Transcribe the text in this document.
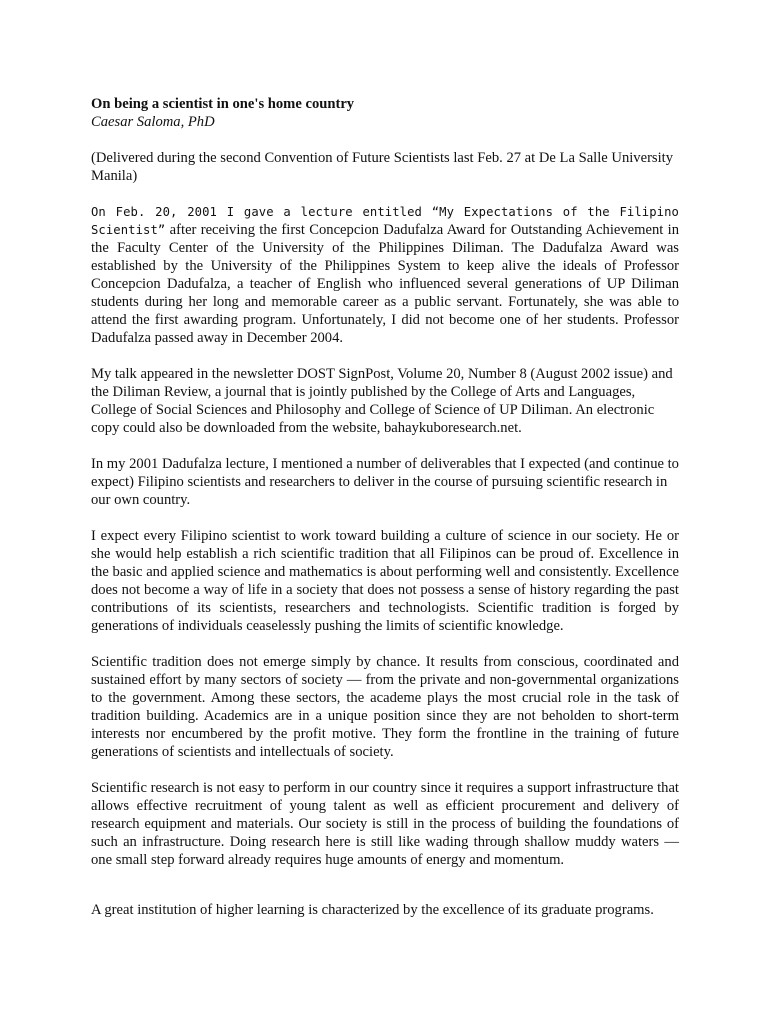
On being a scientist in one's home country

Caesar Saloma, PhD

(Delivered during the second Convention of Future Scientists last Feb. 27 at De La Salle University Manila)

On Feb. 20, 2001 I gave a lecture entitled “My Expectations of the Filipino Scientist” after receiving the first Concepcion Dadufalza Award for Outstanding Achievement in the Faculty Center of the University of the Philippines Diliman. The Dadufalza Award was established by the University of the Philippines System to keep alive the ideals of Professor Concepcion Dadufalza, a teacher of English who influenced several generations of UP Diliman students during her long and memorable career as a public servant. Fortunately, she was able to attend the first awarding program. Unfortunately, I did not become one of her students. Professor Dadufalza passed away in December 2004.

My talk appeared in the newsletter DOST SignPost, Volume 20, Number 8 (August 2002 issue) and the Diliman Review, a journal that is jointly published by the College of Arts and Languages, College of Social Sciences and Philosophy and College of Science of UP Diliman. An electronic copy could also be downloaded from the website, bahaykuboresearch.net.

In my 2001 Dadufalza lecture, I mentioned a number of deliverables that I expected (and continue to expect) Filipino scientists and researchers to deliver in the course of pursuing scientific research in our own country.

I expect every Filipino scientist to work toward building a culture of science in our society. He or she would help establish a rich scientific tradition that all Filipinos can be proud of. Excellence in the basic and applied science and mathematics is about performing well and consistently. Excellence does not become a way of life in a society that does not possess a sense of history regarding the past contributions of its scientists, researchers and technologists. Scientific tradition is forged by generations of individuals ceaselessly pushing the limits of scientific knowledge.

Scientific tradition does not emerge simply by chance. It results from conscious, coordinated and sustained effort by many sectors of society — from the private and non-governmental organizations to the government. Among these sectors, the academe plays the most crucial role in the task of tradition building. Academics are in a unique position since they are not beholden to short-term interests nor encumbered by the profit motive. They form the frontline in the training of future generations of scientists and intellectuals of society.

Scientific research is not easy to perform in our country since it requires a support infrastructure that allows effective recruitment of young talent as well as efficient procurement and delivery of research equipment and materials. Our society is still in the process of building the foundations of such an infrastructure. Doing research here is still like wading through shallow muddy waters — one small step forward already requires huge amounts of energy and momentum.

A great institution of higher learning is characterized by the excellence of its graduate programs.
